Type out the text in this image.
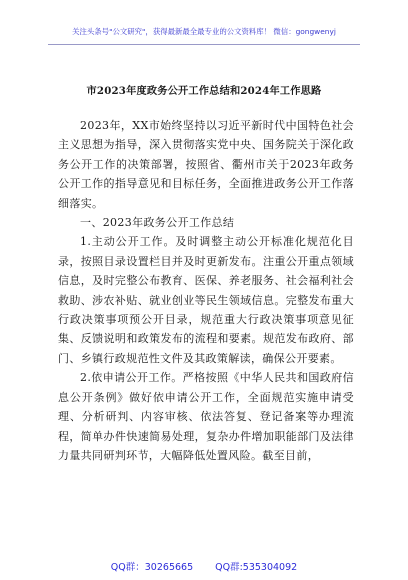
关注头条号"公文研究"，获得最新最全最专业的公文资料库！ 微信：gongwenyj
市2023年度政务公开工作总结和2024年工作思路

2023年，XX市始终坚持以习近平新时代中国特色社会主义思想为指导，深入贯彻落实党中央、国务院关于深化政务公开工作的决策部署，按照省、衢州市关于2023年政务公开工作的指导意见和目标任务，全面推进政务公开工作落细落实。

一、2023年政务公开工作总结

1.主动公开工作。及时调整主动公开标准化规范化目录，按照目录设置栏目并及时更新发布。注重公开重点领域信息，及时完整公布教育、医保、养老服务、社会福利社会救助、涉农补贴、就业创业等民生领域信息。完整发布重大行政决策事项预公开目录，规范重大行政决策事项意见征集、反馈说明和政策发布的流程和要素。规范发布政府、部门、乡镇行政规范性文件及其政策解读，确保公开要素。

2.依申请公开工作。严格按照《中华人民共和国政府信息公开条例》做好依申请公开工作，全面规范实施申请受理、分析研判、内容审核、依法答复、登记备案等办理流程，简单办件快速简易处理，复杂办件增加职能部门及法律力量共同研判环节，大幅降低处置风险。截至目前，

QQ群：30265665 QQ群:535304092
